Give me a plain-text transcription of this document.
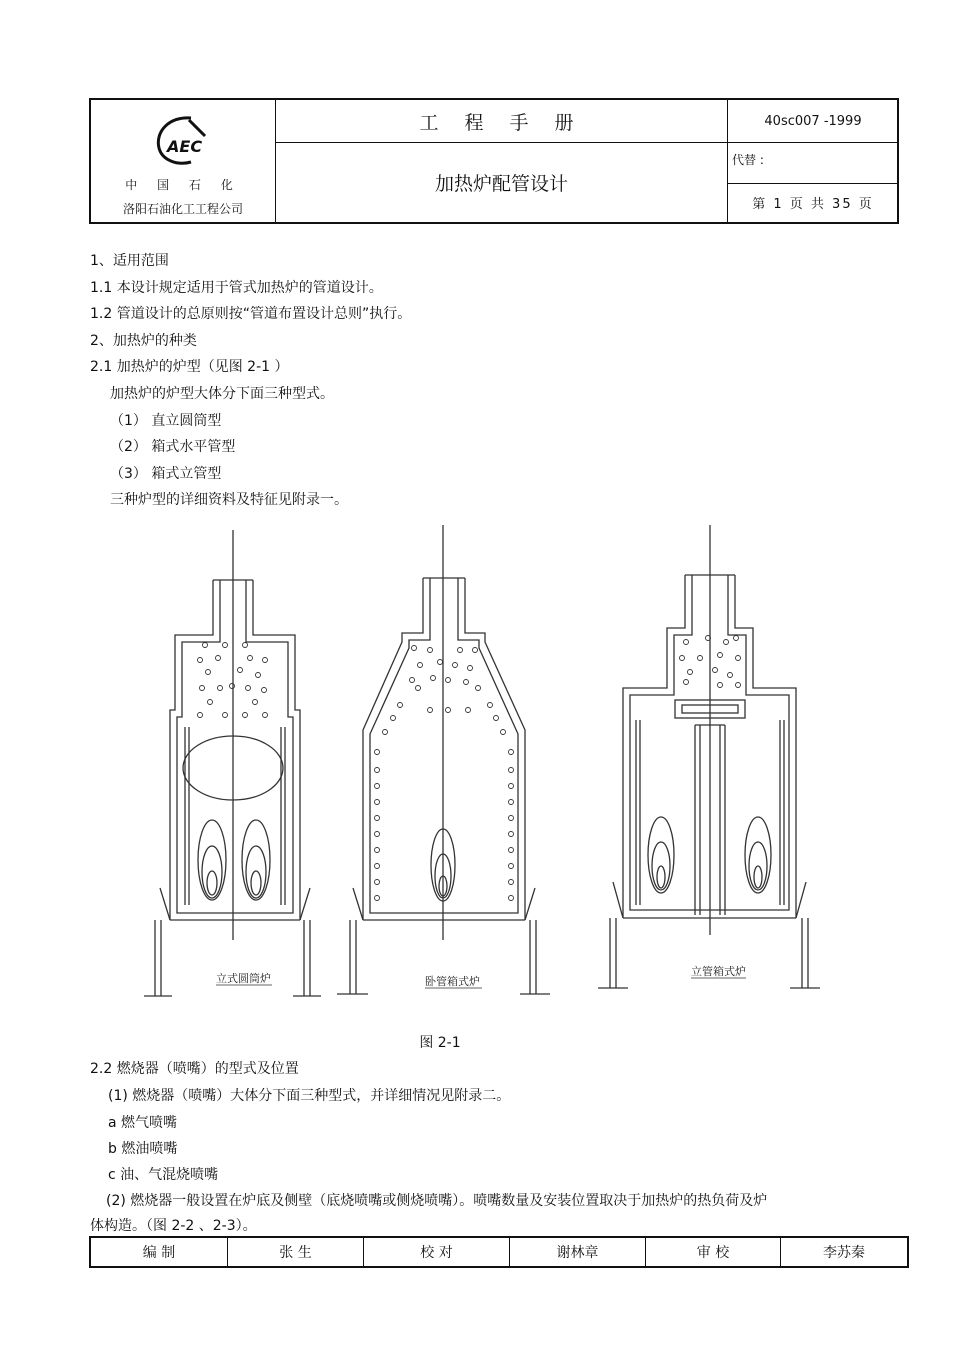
AEC
中 国 石 化
洛阳石油化工工程公司
工 程 手 册
加热炉配管设计
40sc007 -1999
代替 :
第 1 页 共 35 页

1、适用范围

1.1 本设计规定适用于管式加热炉的管道设计。

1.2 管道设计的总原则按“管道布置设计总则”执行。

2、加热炉的种类

2.1 加热炉的炉型（见图 2-1 ）

加热炉的炉型大体分下面三种型式。

（1） 直立圆筒型

（2） 箱式水平管型

（3） 箱式立管型

三种炉型的详细资料及特征见附录一。

立式圆筒炉	卧管箱式炉
立管箱式炉
图 2-1

2.2 燃烧器（喷嘴）的型式及位置

(1) 燃烧器（喷嘴）大体分下面三种型式，并详细情况见附录二。

a 燃气喷嘴

b 燃油喷嘴

c 油、气混烧喷嘴

(2) 燃烧器一般设置在炉底及侧壁（底烧喷嘴或侧烧喷嘴）。喷嘴数量及安装位置取决于加热炉的热负荷及炉

体构造。（图 2-2 、2-3）。

编 制	张 生	校 对	谢林章	审 校	李苏秦
